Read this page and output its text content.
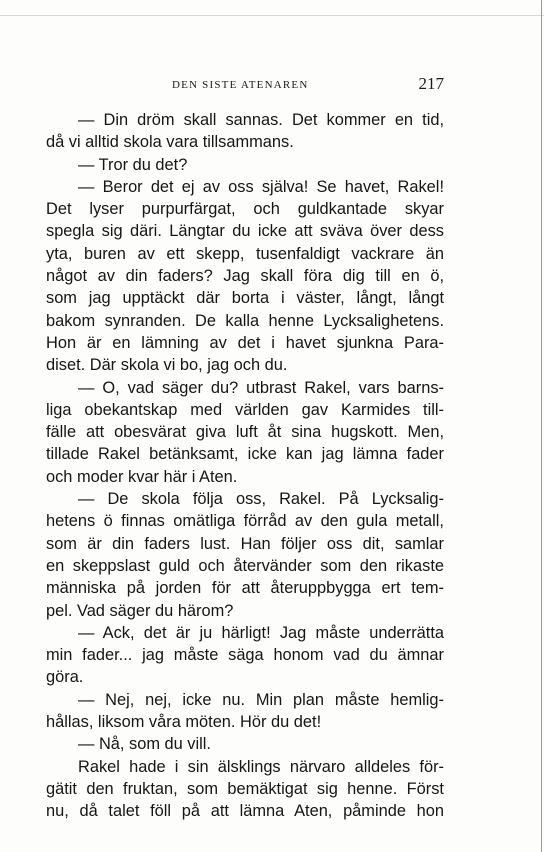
DEN SISTE ATENAREN	217
— Din dröm skall sannas. Det kommer en tid,
då vi alltid skola vara tillsammans.
— Tror du det?
— Beror det ej av oss själva! Se havet, Rakel!
Det lyser purpurfärgat, och guldkantade skyar
spegla sig däri. Längtar du icke att sväva över dess
yta, buren av ett skepp, tusenfaldigt vackrare än
något av din faders? Jag skall föra dig till en ö,
som jag upptäckt där borta i väster, långt, långt
bakom synranden. De kalla henne Lycksalighetens.
Hon är en lämning av det i havet sjunkna Para-
diset. Där skola vi bo, jag och du.
— O, vad säger du? utbrast Rakel, vars barns-
liga obekantskap med världen gav Karmides till-
fälle att obesvärat giva luft åt sina hugskott. Men,
tillade Rakel betänksamt, icke kan jag lämna fader
och moder kvar här i Aten.
— De skola följa oss, Rakel. På Lycksalig-
hetens ö finnas omätliga förråd av den gula metall,
som är din faders lust. Han följer oss dit, samlar
en skeppslast guld och återvänder som den rikaste
människa på jorden för att återuppbygga ert tem-
pel. Vad säger du härom?
— Ack, det är ju härligt! Jag måste underrätta
min fader... jag måste säga honom vad du ämnar
göra.
— Nej, nej, icke nu. Min plan måste hemlig-
hållas, liksom våra möten. Hör du det!
— Nå, som du vill.
Rakel hade i sin älsklings närvaro alldeles för-
gätit den fruktan, som bemäktigat sig henne. Först
nu, då talet föll på att lämna Aten, påminde hon
